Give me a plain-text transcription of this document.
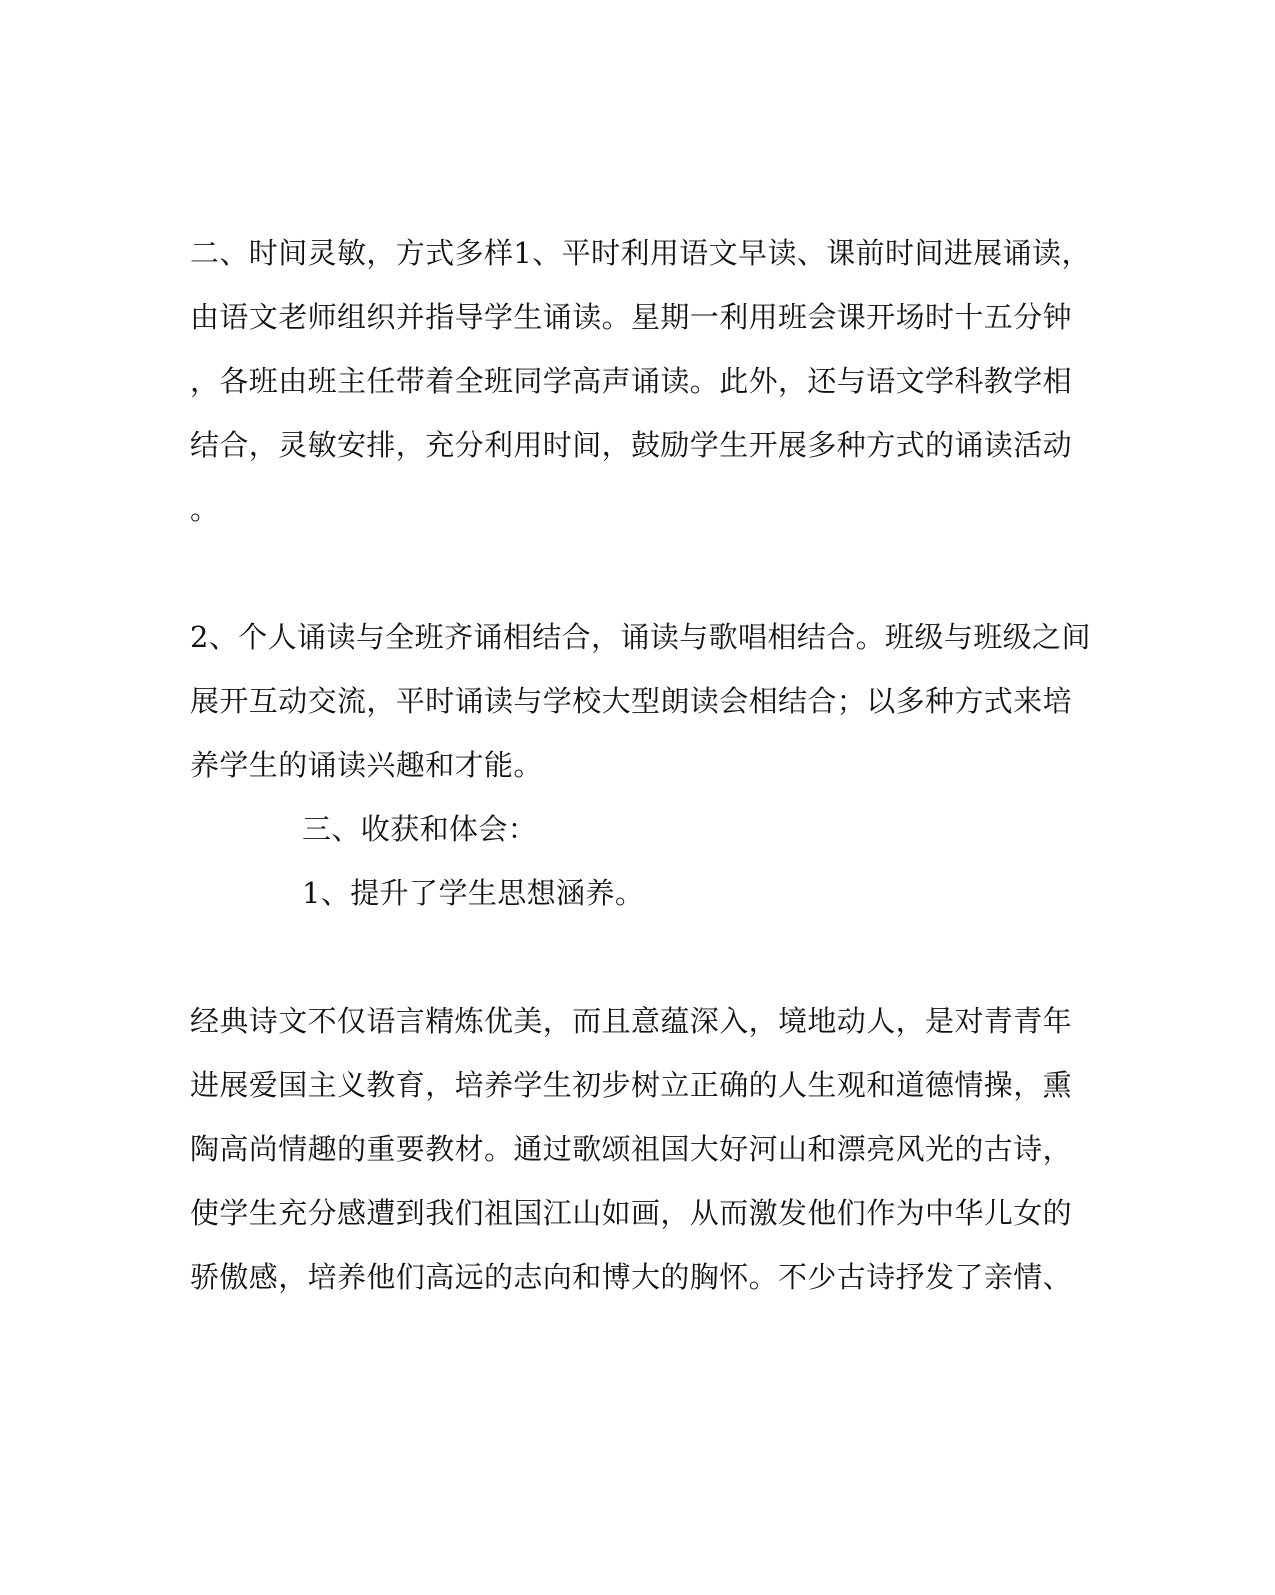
二、时间灵敏，方式多样1、平时利用语文早读、课前时间进展诵读，
由语文老师组织并指导学生诵读。星期一利用班会课开场时十五分钟
，各班由班主任带着全班同学高声诵读。此外，还与语文学科教学相
结合，灵敏安排，充分利用时间，鼓励学生开展多种方式的诵读活动
。
2、个人诵读与全班齐诵相结合，诵读与歌唱相结合。班级与班级之间
展开互动交流，平时诵读与学校大型朗读会相结合；以多种方式来培
养学生的诵读兴趣和才能。
三、收获和体会：
1、提升了学生思想涵养。
经典诗文不仅语言精炼优美，而且意蕴深入，境地动人，是对青青年
进展爱国主义教育，培养学生初步树立正确的人生观和道德情操，熏
陶高尚情趣的重要教材。通过歌颂祖国大好河山和漂亮风光的古诗，
使学生充分感遭到我们祖国江山如画，从而激发他们作为中华儿女的
骄傲感，培养他们高远的志向和博大的胸怀。不少古诗抒发了亲情、
